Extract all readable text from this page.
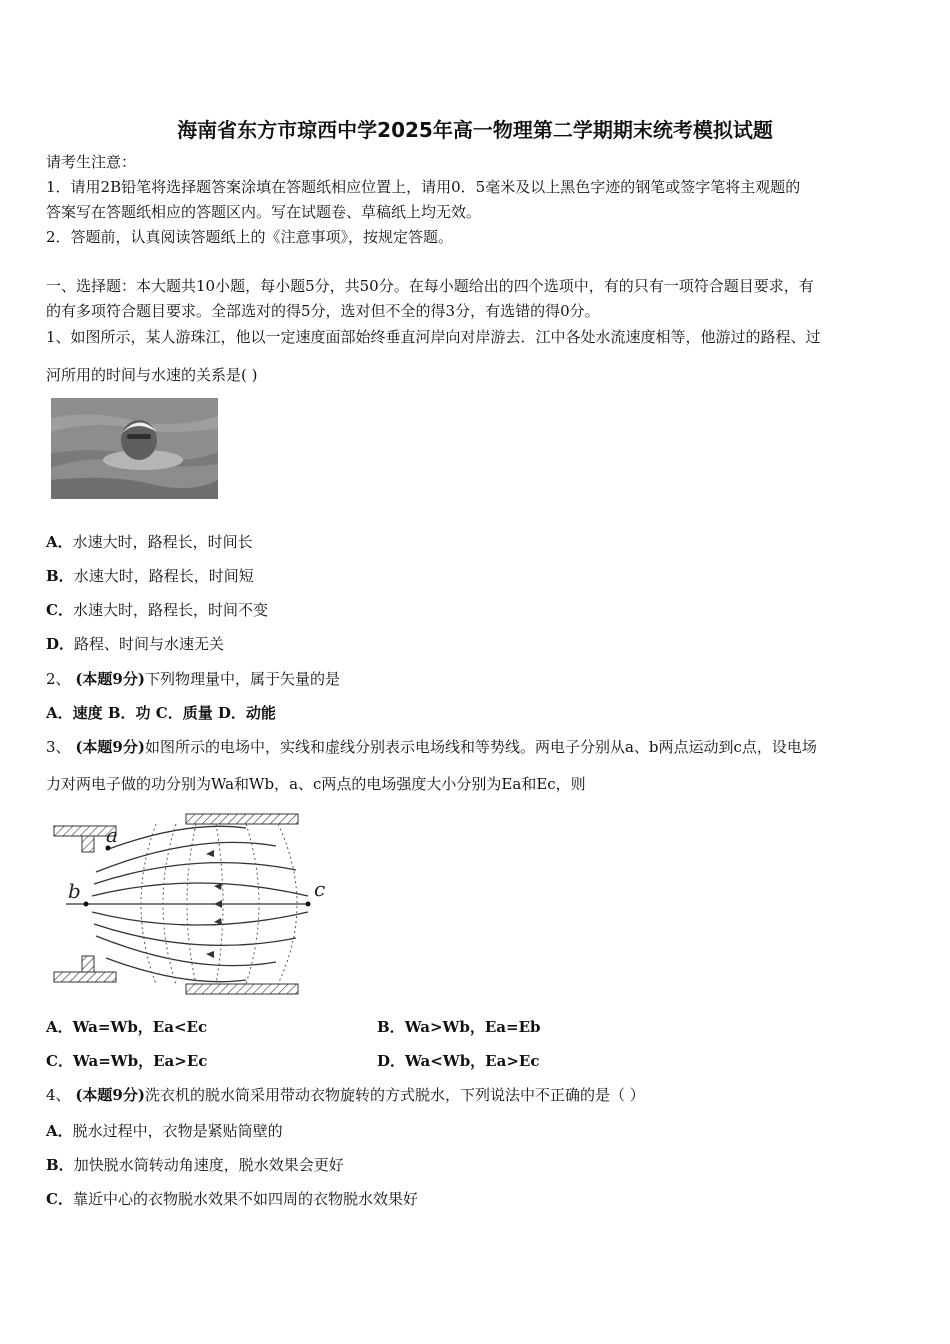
海南省东方市琼西中学2025年高一物理第二学期期末统考模拟试题
请考生注意：
1．请用2B铅笔将选择题答案涂填在答题纸相应位置上，请用0．5毫米及以上黑色字迹的钢笔或签字笔将主观题的
答案写在答题纸相应的答题区内。写在试题卷、草稿纸上均无效。
2．答题前，认真阅读答题纸上的《注意事项》，按规定答题。
一、选择题：本大题共10小题，每小题5分，共50分。在每小题给出的四个选项中，有的只有一项符合题目要求，有
的有多项符合题目要求。全部选对的得5分，选对但不全的得3分，有选错的得0分。
1、如图所示，某人游珠江，他以一定速度面部始终垂直河岸向对岸游去．江中各处水流速度相等，他游过的路程、过
河所用的时间与水速的关系是( )
A．水速大时，路程长，时间长
B．水速大时，路程长，时间短
C．水速大时，路程长，时间不变
D．路程、时间与水速无关
2、 (本题9分)下列物理量中，属于矢量的是
A．速度 B．功 C．质量 D．动能
3、 (本题9分)如图所示的电场中，实线和虚线分别表示电场线和等势线。两电子分别从a、b两点运动到c点，设电场
力对两电子做的功分别为Wa和Wb，a、c两点的电场强度大小分别为Ea和Ec，则
a
b	c
A．Wa=Wb，Ea<Ec	B．Wa>Wb，Ea=Eb
C．Wa=Wb，Ea>Ec	D．Wa<Wb，Ea>Ec
4、 (本题9分)洗衣机的脱水筒采用带动衣物旋转的方式脱水，下列说法中不正确的是（ ）
A．脱水过程中，衣物是紧贴筒壁的
B．加快脱水筒转动角速度，脱水效果会更好
C．靠近中心的衣物脱水效果不如四周的衣物脱水效果好
